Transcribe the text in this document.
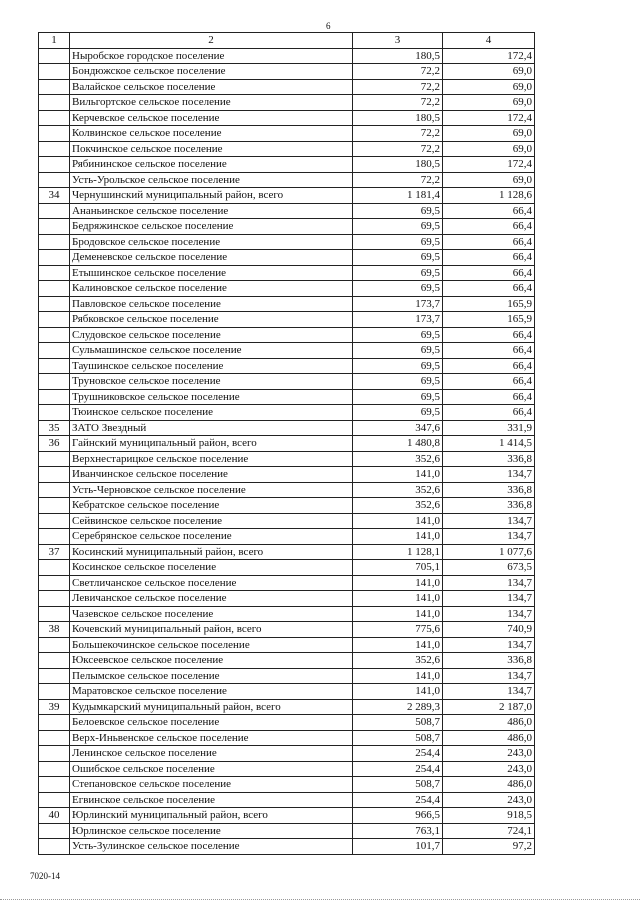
6
1	2	3	4
	Ныробское городское поселение	180,5	172,4
	Бондюжское сельское поселение	72,2	69,0
	Валайское сельское поселение	72,2	69,0
	Вильгортское сельское поселение	72,2	69,0
	Керчевское сельское поселение	180,5	172,4
	Колвинское сельское поселение	72,2	69,0
	Покчинское сельское поселение	72,2	69,0
	Рябининское сельское поселение	180,5	172,4
	Усть-Урольское сельское поселение	72,2	69,0
34	Чернушинский муниципальный район, всего	1 181,4	1 128,6
	Ананьинское сельское поселение	69,5	66,4
	Бедряжинское сельское поселение	69,5	66,4
	Бродовское сельское поселение	69,5	66,4
	Деменевское сельское поселение	69,5	66,4
	Етышинское сельское поселение	69,5	66,4
	Калиновское сельское поселение	69,5	66,4
	Павловское сельское поселение	173,7	165,9
	Рябковское сельское поселение	173,7	165,9
	Слудовское сельское поселение	69,5	66,4
	Сульмашинское сельское поселение	69,5	66,4
	Таушинское сельское поселение	69,5	66,4
	Труновское сельское поселение	69,5	66,4
	Трушниковское сельское поселение	69,5	66,4
	Тюинское сельское поселение	69,5	66,4
35	ЗАТО Звездный	347,6	331,9
36	Гайнский муниципальный район, всего	1 480,8	1 414,5
	Верхнестарицкое сельское поселение	352,6	336,8
	Иванчинское сельское поселение	141,0	134,7
	Усть-Черновское сельское поселение	352,6	336,8
	Кебратское сельское поселение	352,6	336,8
	Сейвинское сельское поселение	141,0	134,7
	Серебрянское сельское поселение	141,0	134,7
37	Косинский муниципальный район, всего	1 128,1	1 077,6
	Косинское сельское поселение	705,1	673,5
	Светличанское сельское поселение	141,0	134,7
	Левичанское сельское поселение	141,0	134,7
	Чазевское сельское поселение	141,0	134,7
38	Кочевский муниципальный район, всего	775,6	740,9
	Большекочинское сельское поселение	141,0	134,7
	Юксеевское сельское поселение	352,6	336,8
	Пелымское сельское поселение	141,0	134,7
	Маратовское сельское поселение	141,0	134,7
39	Кудымкарский муниципальный район, всего	2 289,3	2 187,0
	Белоевское сельское поселение	508,7	486,0
	Верх-Иньвенское сельское поселение	508,7	486,0
	Ленинское сельское поселение	254,4	243,0
	Ошибское сельское поселение	254,4	243,0
	Степановское сельское поселение	508,7	486,0
	Егвинское сельское поселение	254,4	243,0
40	Юрлинский муниципальный район, всего	966,5	918,5
	Юрлинское сельское поселение	763,1	724,1
	Усть-Зулинское сельское поселение	101,7	97,2
7020-14
